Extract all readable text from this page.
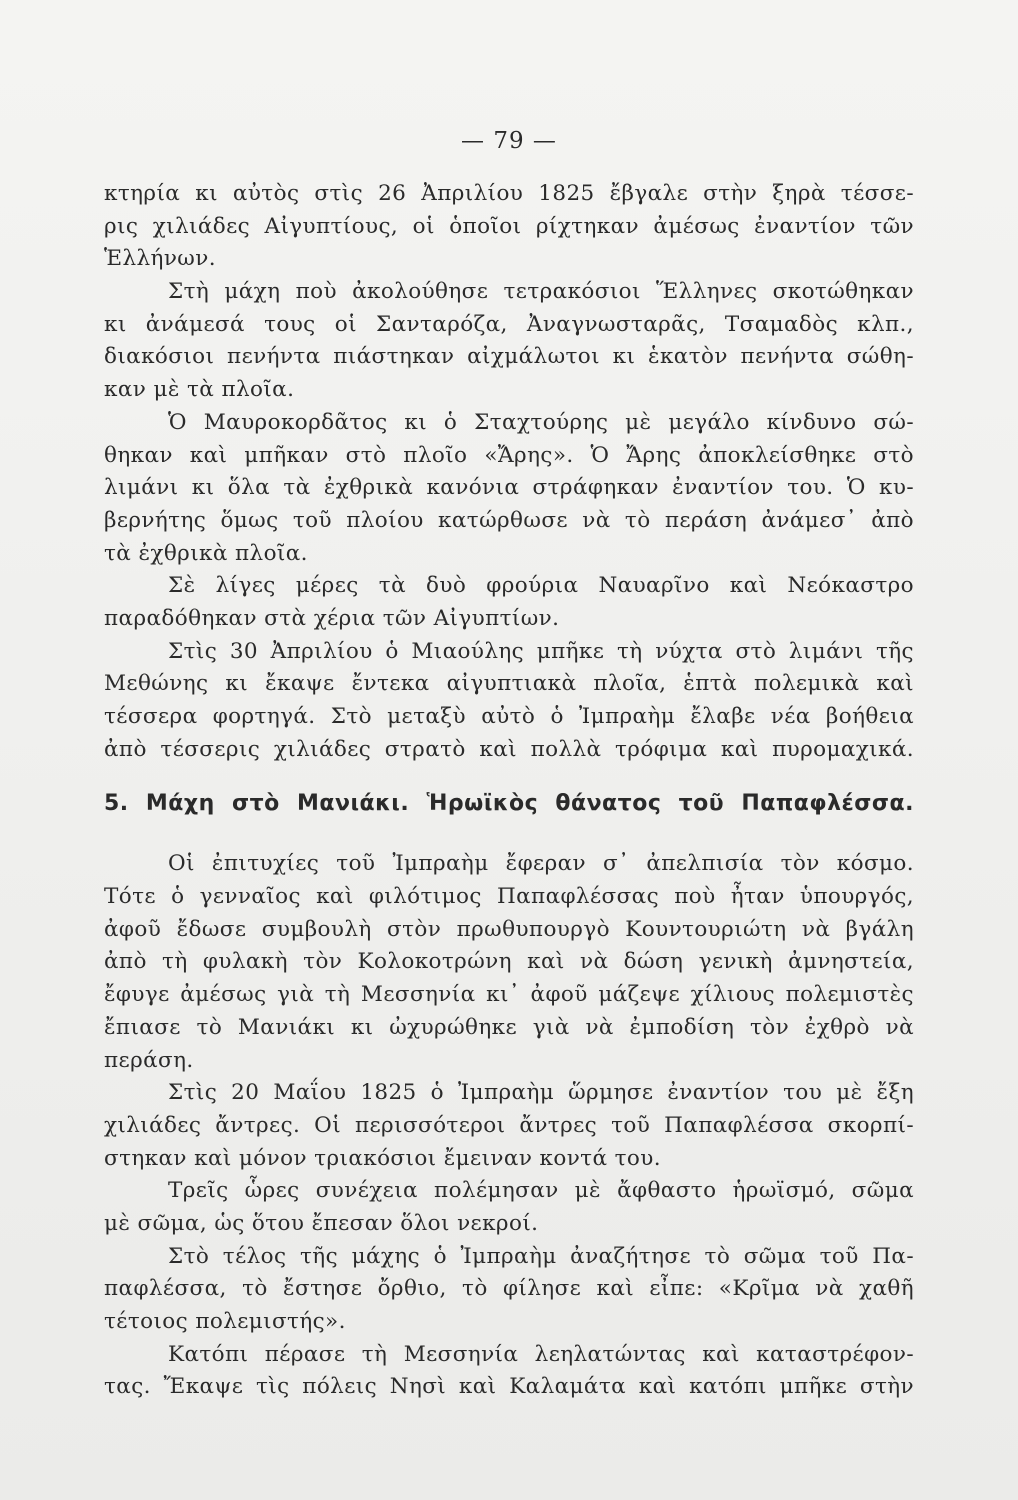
— 79 —
κτηρία κι αὐτὸς στὶς 26 Ἀπριλίου 1825 ἔβγαλε στὴν ξηρὰ τέσσε-
ρις χιλιάδες Αἰγυπτίους, οἱ ὁποῖοι ρίχτηκαν ἀμέσως ἐναντίον τῶν
Ἑλλήνων.
Στὴ μάχη ποὺ ἀκολούθησε τετρακόσιοι Ἕλληνες σκοτώθηκαν
κι ἀνάμεσά τους οἱ Σανταρόζα, Ἀναγνωσταρᾶς, Τσαμαδὸς κλπ.,
διακόσιοι πενήντα πιάστηκαν αἰχμάλωτοι κι ἑκατὸν πενήντα σώθη-
καν μὲ τὰ πλοῖα.
Ὁ Μαυροκορδᾶτος κι ὁ Σταχτούρης μὲ μεγάλο κίνδυνο σώ-
θηκαν καὶ μπῆκαν στὸ πλοῖο «Ἄρης». Ὁ Ἄρης ἀποκλείσθηκε στὸ
λιμάνι κι ὅλα τὰ ἐχθρικὰ κανόνια στράφηκαν ἐναντίον του. Ὁ κυ-
βερνήτης ὅμως τοῦ πλοίου κατώρθωσε νὰ τὸ περάση ἀνάμεσ᾽ ἀπὸ
τὰ ἐχθρικὰ πλοῖα.
Σὲ λίγες μέρες τὰ δυὸ φρούρια Ναυαρῖνο καὶ Νεόκαστρο
παραδόθηκαν στὰ χέρια τῶν Αἰγυπτίων.
Στὶς 30 Ἀπριλίου ὁ Μιαούλης μπῆκε τὴ νύχτα στὸ λιμάνι τῆς
Μεθώνης κι ἔκαψε ἔντεκα αἰγυπτιακὰ πλοῖα, ἑπτὰ πολεμικὰ καὶ
τέσσερα φορτηγά. Στὸ μεταξὺ αὐτὸ ὁ Ἰμπραὴμ ἔλαβε νέα βοήθεια
ἀπὸ τέσσερις χιλιάδες στρατὸ καὶ πολλὰ τρόφιμα καὶ πυρομαχικά.
5. Μάχη στὸ Μανιάκι. Ἡρωϊκὸς θάνατος τοῦ Παπαφλέσσα.
Οἱ ἐπιτυχίες τοῦ Ἰμπραὴμ ἔφεραν σ᾽ ἀπελπισία τὸν κόσμο.
Τότε ὁ γενναῖος καὶ φιλότιμος Παπαφλέσσας ποὺ ἦταν ὑπουργός,
ἀφοῦ ἔδωσε συμβουλὴ στὸν πρωθυπουργὸ Κουντουριώτη νὰ βγάλη
ἀπὸ τὴ φυλακὴ τὸν Κολοκοτρώνη καὶ νὰ δώση γενικὴ ἀμνηστεία,
ἔφυγε ἀμέσως γιὰ τὴ Μεσσηνία κι᾽ ἀφοῦ μάζεψε χίλιους πολεμιστὲς
ἔπιασε τὸ Μανιάκι κι ὠχυρώθηκε γιὰ νὰ ἐμποδίση τὸν ἐχθρὸ νὰ
περάση.
Στὶς 20 Μαΐου 1825 ὁ Ἰμπραὴμ ὥρμησε ἐναντίον του μὲ ἔξη
χιλιάδες ἄντρες. Οἱ περισσότεροι ἄντρες τοῦ Παπαφλέσσα σκορπί-
στηκαν καὶ μόνον τριακόσιοι ἔμειναν κοντά του.
Τρεῖς ὧρες συνέχεια πολέμησαν μὲ ἄφθαστο ἡρωϊσμό, σῶμα
μὲ σῶμα, ὡς ὅτου ἔπεσαν ὅλοι νεκροί.
Στὸ τέλος τῆς μάχης ὁ Ἰμπραὴμ ἀναζήτησε τὸ σῶμα τοῦ Πα-
παφλέσσα, τὸ ἔστησε ὄρθιο, τὸ φίλησε καὶ εἶπε: «Κρῖμα νὰ χαθῆ
τέτοιος πολεμιστής».
Κατόπι πέρασε τὴ Μεσσηνία λεηλατώντας καὶ καταστρέφον-
τας. Ἔκαψε τὶς πόλεις Νησὶ καὶ Καλαμάτα καὶ κατόπι μπῆκε στὴν
